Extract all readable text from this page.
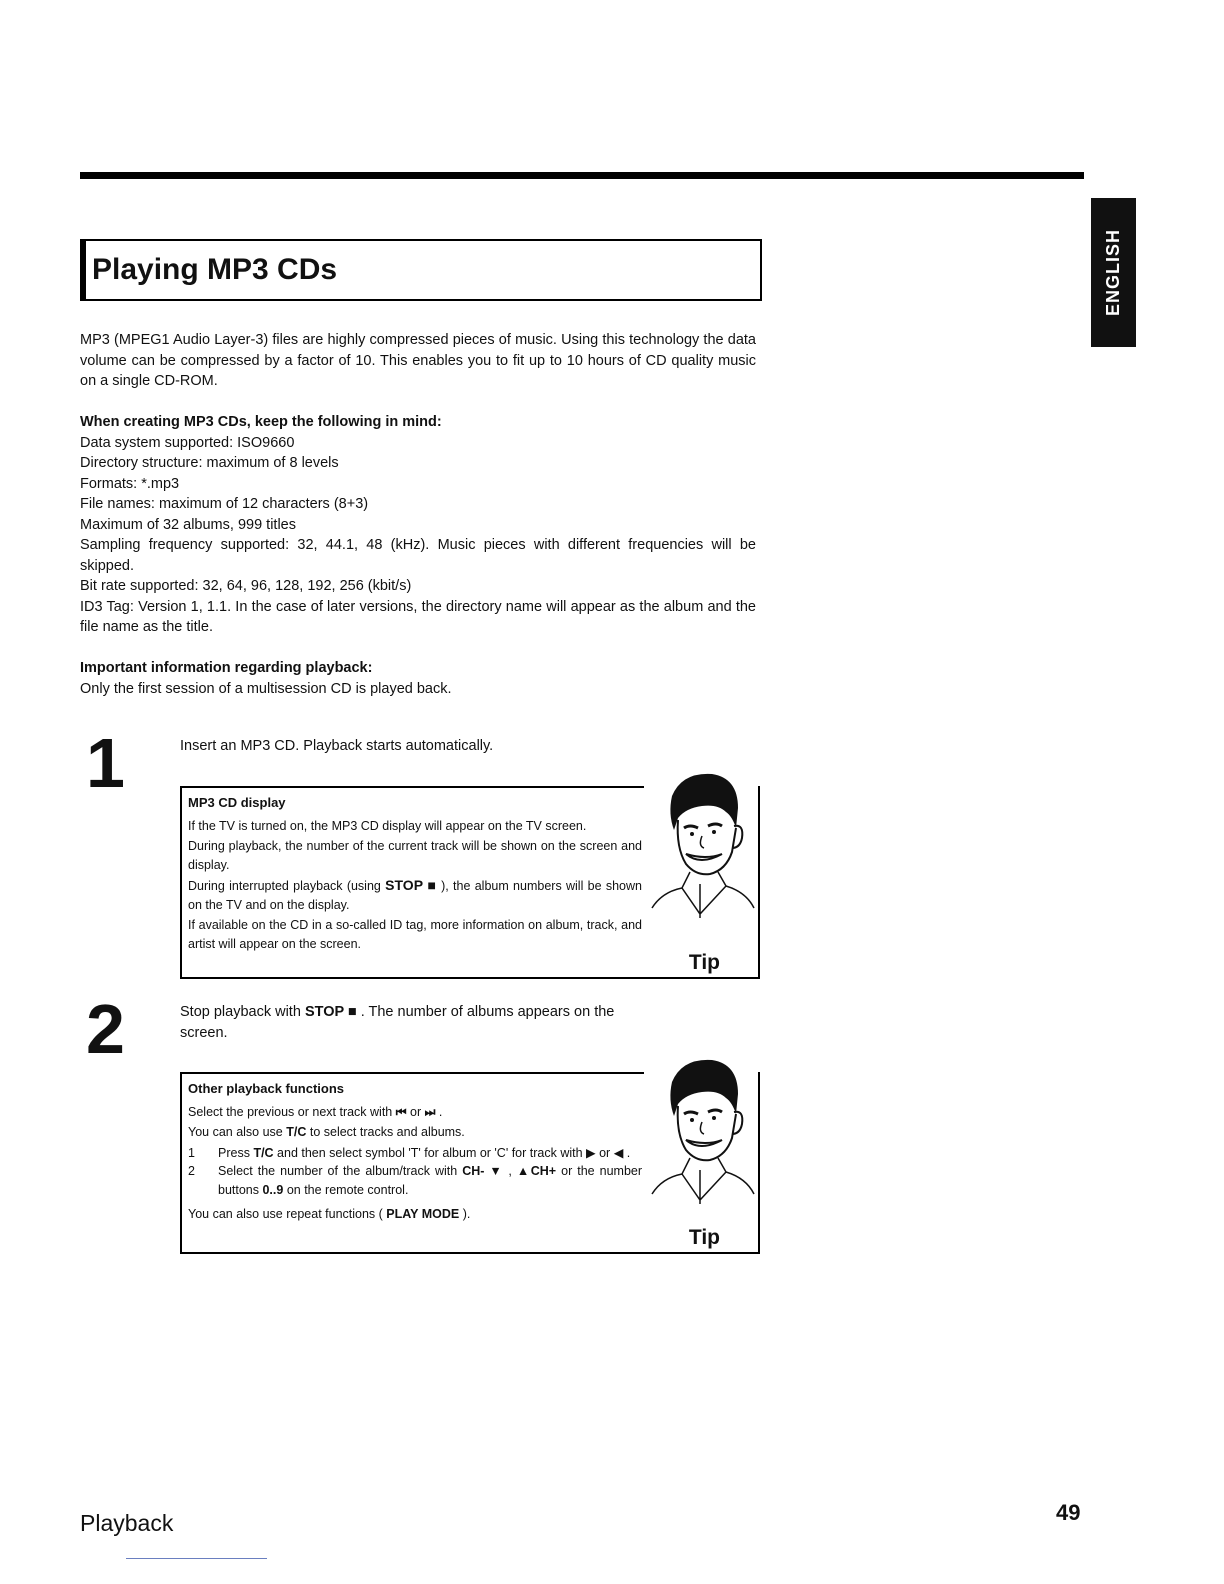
ENGLISH
Playing MP3 CDs

MP3 (MPEG1 Audio Layer-3) files are highly compressed pieces of music. Using this technology the data volume can be compressed by a factor of 10. This enables you to fit up to 10 hours of CD quality music on a single CD-ROM.

When creating MP3 CDs, keep the following in mind:

Data system supported: ISO9660

Directory structure: maximum of 8 levels

Formats: *.mp3

File names: maximum of 12 characters (8+3)

Maximum of 32 albums, 999 titles

Sampling frequency supported: 32, 44.1, 48 (kHz). Music pieces with different frequencies will be skipped.

Bit rate supported: 32, 64, 96, 128, 192, 256 (kbit/s)

ID3 Tag: Version 1, 1.1. In the case of later versions, the directory name will appear as the album and the file name as the title.

Important information regarding playback:

Only the first session of a multisession CD is played back.

1	Insert an MP3 CD. Playback starts automatically.

MP3 CD display

If the TV is turned on, the MP3 CD display will appear on the TV screen.

During playback, the number of the current track will be shown on the screen and display.

During interrupted playback (using STOP ■ ), the album numbers will be shown on the TV and on the display.

If available on the CD in a so-called ID tag, more information on album, track, and artist will appear on the screen.

Tip
2	Stop playback with STOP ■ . The number of albums appears on the screen.

Other playback functions

Select the previous or next track with ⏮ or ⏭ .

You can also use T/C to select tracks and albums.

1	Press T/C and then select symbol 'T' for album or 'C' for track with ▶ or ◀ .
2	Select the number of the album/track with CH- ▼ , ▲CH+ or the number buttons 0..9 on the remote control.

You can also use repeat functions ( PLAY MODE ).

Tip
Playback	49
